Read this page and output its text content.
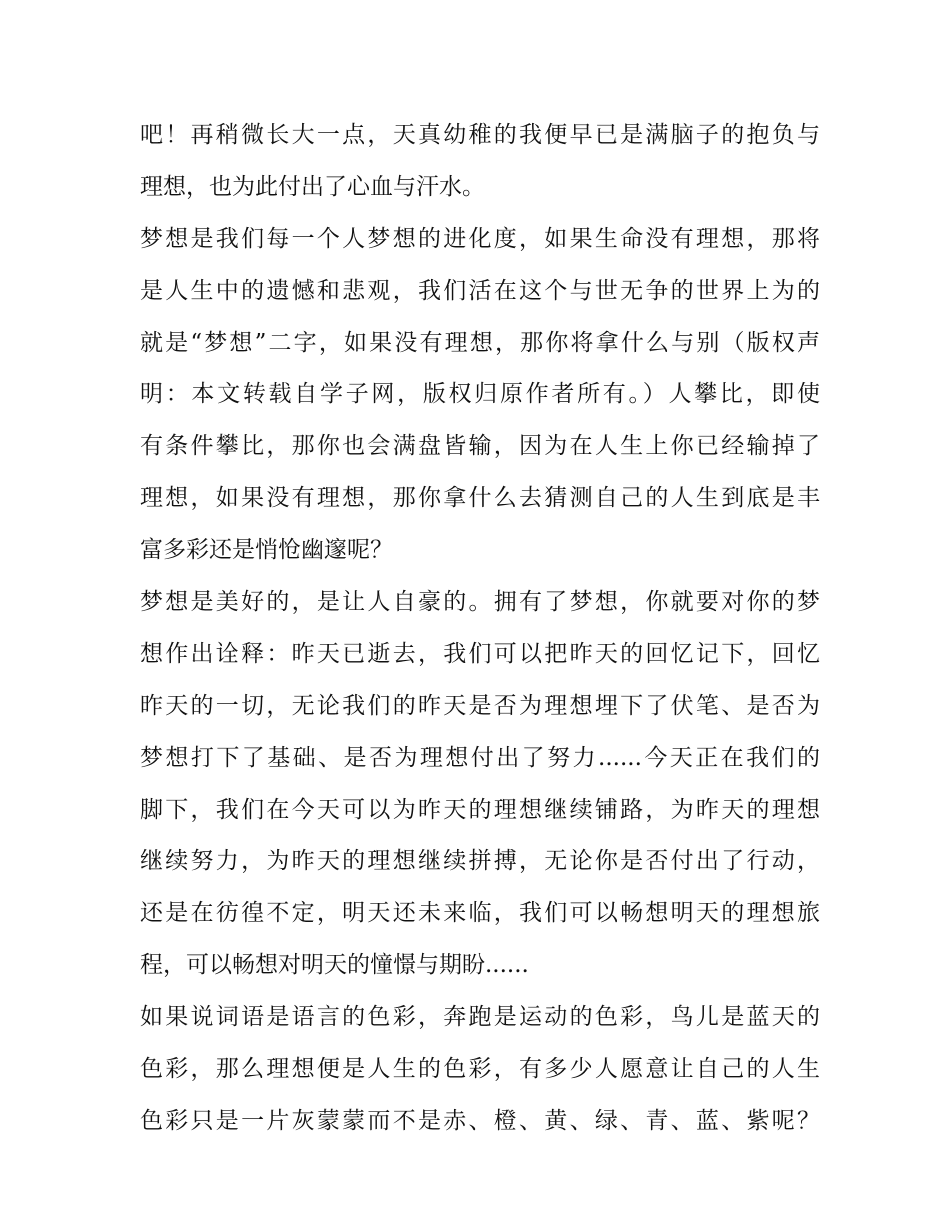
吧！再稍微长大一点，天真幼稚的我便早已是满脑子的抱负与
理想，也为此付出了心血与汗水。
梦想是我们每一个人梦想的进化度，如果生命没有理想，那将
是人生中的遗憾和悲观，我们活在这个与世无争的世界上为的
就是“梦想”二字，如果没有理想，那你将拿什么与别（版权声
明：本文转载自学子网，版权归原作者所有。）人攀比，即使
有条件攀比，那你也会满盘皆输，因为在人生上你已经输掉了
理想，如果没有理想，那你拿什么去猜测自己的人生到底是丰
富多彩还是悄怆幽邃呢？
梦想是美好的，是让人自豪的。拥有了梦想，你就要对你的梦
想作出诠释：昨天已逝去，我们可以把昨天的回忆记下，回忆
昨天的一切，无论我们的昨天是否为理想埋下了伏笔、是否为
梦想打下了基础、是否为理想付出了努力......今天正在我们的
脚下，我们在今天可以为昨天的理想继续铺路，为昨天的理想
继续努力，为昨天的理想继续拼搏，无论你是否付出了行动，
还是在彷徨不定，明天还未来临，我们可以畅想明天的理想旅
程，可以畅想对明天的憧憬与期盼......
如果说词语是语言的色彩，奔跑是运动的色彩，鸟儿是蓝天的
色彩，那么理想便是人生的色彩，有多少人愿意让自己的人生
色彩只是一片灰蒙蒙而不是赤、橙、黄、绿、青、蓝、紫呢？
